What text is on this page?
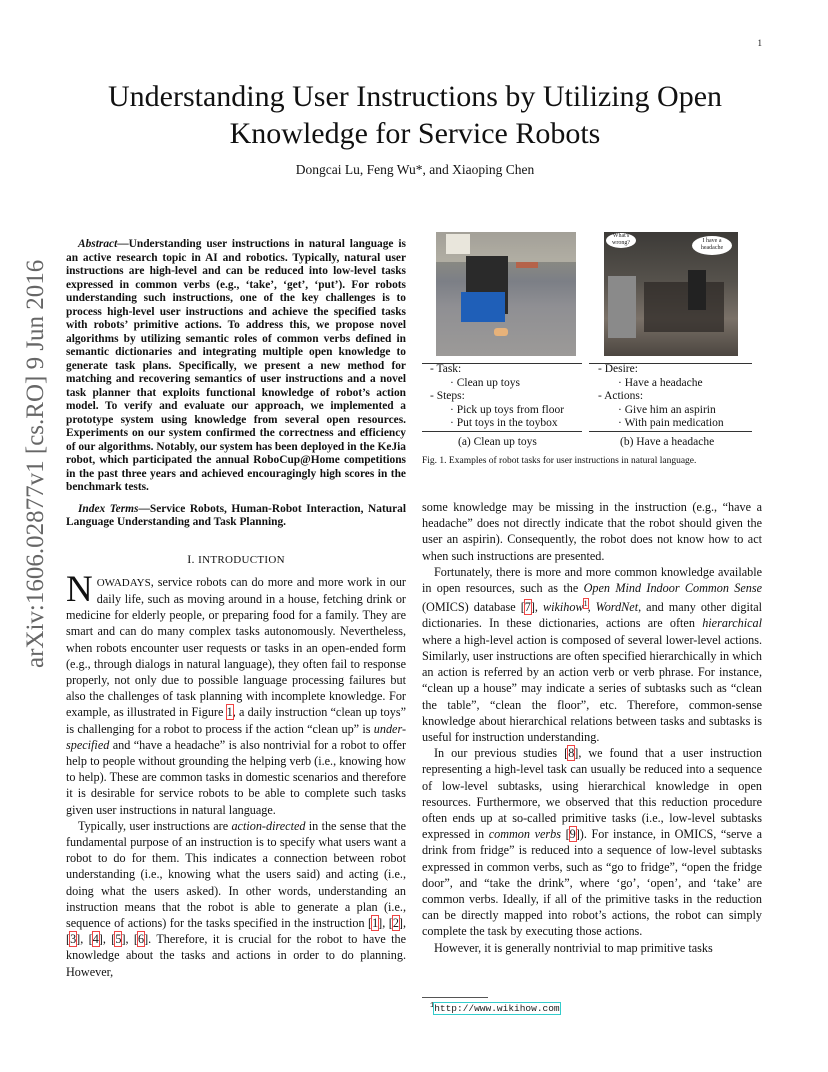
1
Understanding User Instructions by Utilizing Open Knowledge for Service Robots
Dongcai Lu, Feng Wu*, and Xiaoping Chen
arXiv:1606.02877v1 [cs.RO] 9 Jun 2016
Abstract—Understanding user instructions in natural language is an active research topic in AI and robotics. Typically, natural user instructions are high-level and can be reduced into low-level tasks expressed in common verbs (e.g., ‘take’, ‘get’, ‘put’). For robots understanding such instructions, one of the key challenges is to process high-level user instructions and achieve the specified tasks with robots’ primitive actions. To address this, we propose novel algorithms by utilizing semantic roles of common verbs defined in semantic dictionaries and integrating multiple open knowledge to generate task plans. Specifically, we present a new method for matching and recovering semantics of user instructions and a novel task planner that exploits functional knowledge of robot’s action model. To verify and evaluate our approach, we implemented a prototype system using knowledge from several open resources. Experiments on our system confirmed the correctness and efficiency of our algorithms. Notably, our system has been deployed in the KeJia robot, which participated the annual RoboCup@Home competitions in the past three years and achieved encouragingly high scores in the benchmark tests.
Index Terms—Service Robots, Human-Robot Interaction, Natural Language Understanding and Task Planning.
I. INTRODUCTION

NOWADAYS, service robots can do more and more work in our daily life, such as moving around in a house, fetching drink or medicine for elderly people, or preparing food for a family. They are smart and can do many complex tasks autonomously. Nevertheless, when robots encounter user requests or tasks in an open-ended form (e.g., through dialogs in natural language), they often fail to response properly, not only due to possible language processing failures but also the challenges of task planning with incomplete knowledge. For example, as illustrated in Figure 1, a daily instruction “clean up toys” is challenging for a robot to process if the action “clean up” is under-specified and “have a headache” is also nontrivial for a robot to offer help to people without grounding the helping verb (i.e., knowing how to help). These are common tasks in domestic scenarios and therefore it is desirable for service robots to be able to complete such tasks given user instructions in natural language.

Typically, user instructions are action-directed in the sense that the fundamental purpose of an instruction is to specify what users want a robot to do for them. This indicates a connection between robot understanding (i.e., knowing what the users said) and acting (i.e., doing what the users asked). In other words, understanding an instruction means that the robot is able to generate a plan (i.e., sequence of actions) for the tasks specified in the instruction [1], [2], [3], [4], [5], [6]. Therefore, it is crucial for the robot to have the knowledge about the tasks and actions in order to do planning. However,

What's wrong?	I have a headache
- Task:
· Clean up toys
- Steps:
· Pick up toys from floor
· Put toys in the toybox
- Desire:
· Have a headache
- Actions:
· Give him an aspirin
· With pain medication
(a) Clean up toys	(b) Have a headache
Fig. 1. Examples of robot tasks for user instructions in natural language.

some knowledge may be missing in the instruction (e.g., “have a headache” does not directly indicate that the robot should given the user an aspirin). Consequently, the robot does not know how to act when such instructions are presented.

Fortunately, there is more and more common knowledge available in open resources, such as the Open Mind Indoor Common Sense (OMICS) database [7], wikihow$^1$, WordNet, and many other digital dictionaries. In these dictionaries, actions are often hierarchical where a high-level action is composed of several lower-level actions. Similarly, user instructions are often specified hierarchically in which an action is referred by an action verb or verb phrase. For instance, “clean up a house” may indicate a series of subtasks such as “clean the table”, “clean the floor”, etc. Therefore, common-sense knowledge about hierarchical relations between tasks and subtasks is useful for instruction understanding.

In our previous studies [8], we found that a user instruction representing a high-level task can usually be reduced into a sequence of low-level subtasks, using hierarchical knowledge in open resources. Furthermore, we observed that this reduction procedure often ends up at so-called primitive tasks (i.e., low-level subtasks expressed in common verbs [9]). For instance, in OMICS, “serve a drink from fridge” is reduced into a sequence of low-level subtasks expressed in common verbs, such as “go to fridge”, “open the fridge door”, and “take the drink”, where ‘go’, ‘open’, and ‘take’ are common verbs. Ideally, if all of the primitive tasks in the reduction can be directly mapped into robot’s actions, the robot can simply complete the task by executing those actions.

However, it is generally nontrivial to map primitive tasks

$^1$http://www.wikihow.com
